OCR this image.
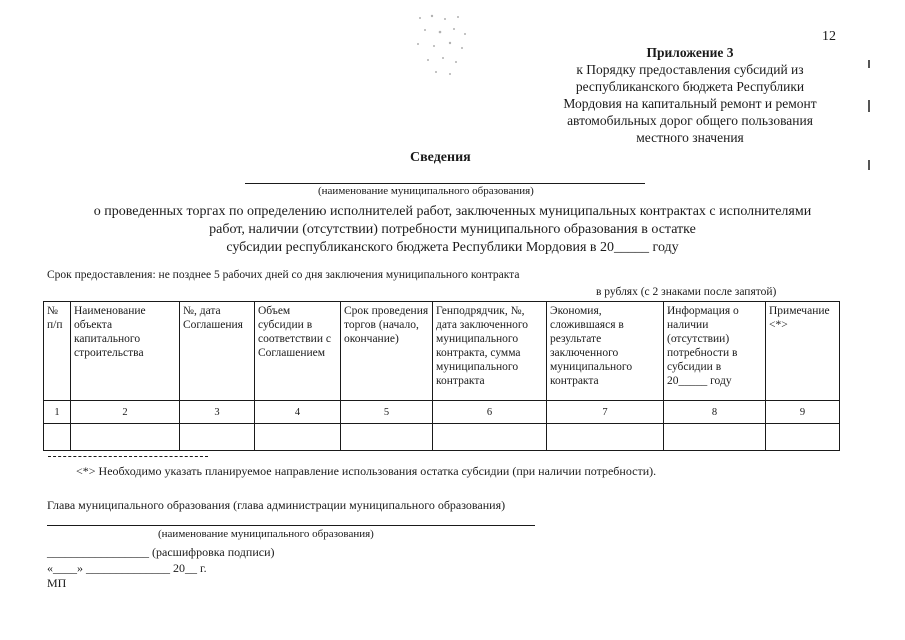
12
Приложение 3
к Порядку предоставления субсидий из
республиканского бюджета Республики
Мордовия на капитальный ремонт и ремонт
автомобильных дорог общего пользования
местного значения
Сведения
(наименование муниципального образования)
о проведенных торгах по определению исполнителей работ, заключенных муниципальных контрактах с исполнителями
работ, наличии (отсутствии) потребности муниципального образования в остатке
субсидии республиканского бюджета Республики Мордовия в 20_____ году
Срок предоставления: не позднее 5 рабочих дней со дня заключения муниципального контракта
в рублях (с 2 знаками после запятой)
№ п/п	Наименование объекта капитального строительства	№, дата Соглашения	Объем субсидии в соответствии с Соглашением	Срок проведения торгов (начало, окончание)	Генподрядчик, №, дата заключенного муниципального контракта, сумма муниципального контракта	Экономия, сложившаяся в результате заключенного муниципального контракта	Информация о наличии (отсутствии) потребности в субсидии в 20_____ году	Примечание <*>
1	2	3	4	5	6	7	8	9

<*> Необходимо указать планируемое направление использования остатка субсидии (при наличии потребности).
Глава муниципального образования (глава администрации муниципального образования)
(наименование муниципального образования)
_________________ (расшифровка подписи)
«____» ______________ 20__ г.
МП
